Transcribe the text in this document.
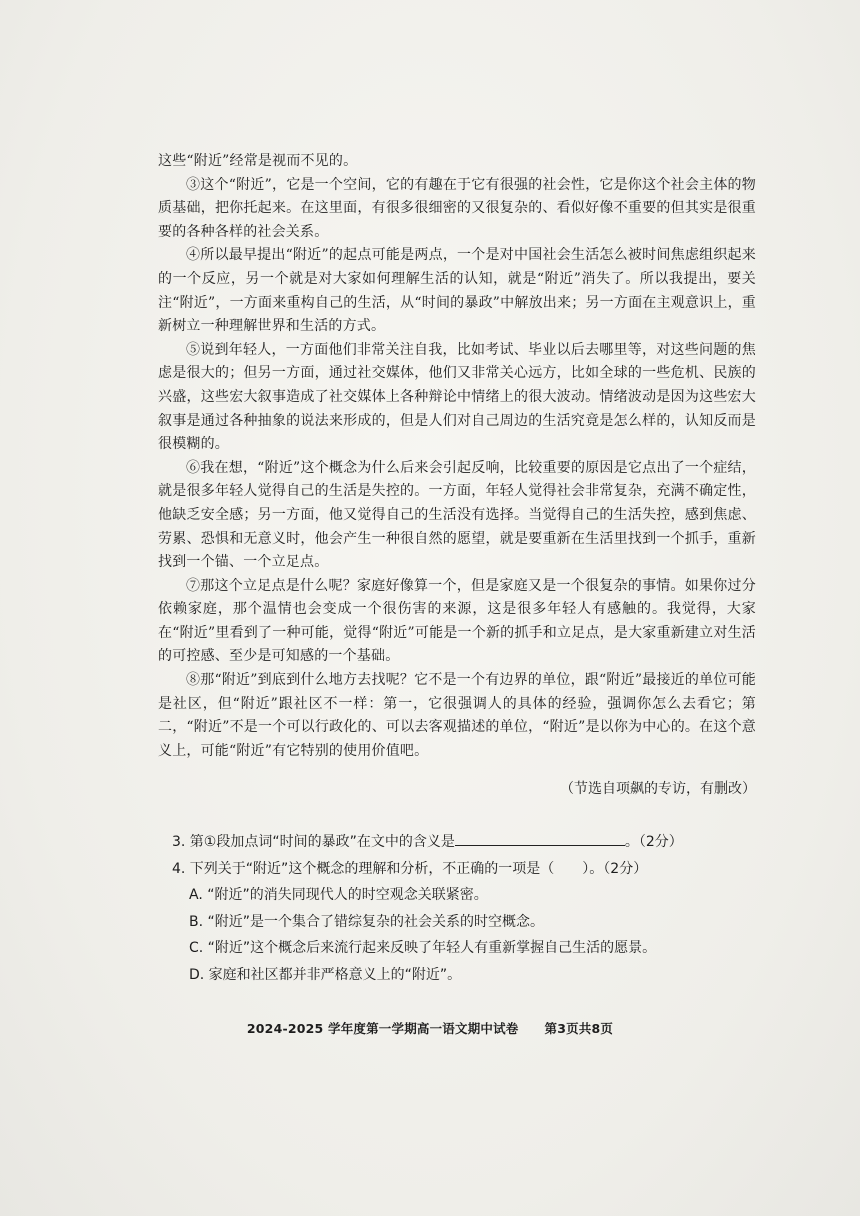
这些“附近”经常是视而不见的。

③这个“附近”，它是一个空间，它的有趣在于它有很强的社会性，它是你这个社会主体的物质基础，把你托起来。在这里面，有很多很细密的又很复杂的、看似好像不重要的但其实是很重要的各种各样的社会关系。

④所以最早提出“附近”的起点可能是两点，一个是对中国社会生活怎么被时间焦虑组织起来的一个反应，另一个就是对大家如何理解生活的认知，就是“附近”消失了。所以我提出，要关注“附近”，一方面来重构自己的生活，从“时间的暴政”中解放出来；另一方面在主观意识上，重新树立一种理解世界和生活的方式。

⑤说到年轻人，一方面他们非常关注自我，比如考试、毕业以后去哪里等，对这些问题的焦虑是很大的；但另一方面，通过社交媒体，他们又非常关心远方，比如全球的一些危机、民族的兴盛，这些宏大叙事造成了社交媒体上各种辩论中情绪上的很大波动。情绪波动是因为这些宏大叙事是通过各种抽象的说法来形成的，但是人们对自己周边的生活究竟是怎么样的，认知反而是很模糊的。

⑥我在想，“附近”这个概念为什么后来会引起反响，比较重要的原因是它点出了一个症结，就是很多年轻人觉得自己的生活是失控的。一方面，年轻人觉得社会非常复杂，充满不确定性，他缺乏安全感；另一方面，他又觉得自己的生活没有选择。当觉得自己的生活失控，感到焦虑、劳累、恐惧和无意义时，他会产生一种很自然的愿望，就是要重新在生活里找到一个抓手，重新找到一个锚、一个立足点。

⑦那这个立足点是什么呢？家庭好像算一个，但是家庭又是一个很复杂的事情。如果你过分依赖家庭，那个温情也会变成一个很伤害的来源，这是很多年轻人有感触的。我觉得，大家在“附近”里看到了一种可能，觉得“附近”可能是一个新的抓手和立足点，是大家重新建立对生活的可控感、至少是可知感的一个基础。

⑧那“附近”到底到什么地方去找呢？它不是一个有边界的单位，跟“附近”最接近的单位可能是社区，但“附近”跟社区不一样：第一，它很强调人的具体的经验，强调你怎么去看它；第二，“附近”不是一个可以行政化的、可以去客观描述的单位，“附近”是以你为中心的。在这个意义上，可能“附近”有它特别的使用价值吧。

（节选自项飙的专访，有删改）
3. 第①段加点词“时间的暴政”在文中的含义是	。（2分）
4. 下列关于“附近”这个概念的理解和分析，不正确的一项是（　　）。（2分）
A. “附近”的消失同现代人的时空观念关联紧密。
B. “附近”是一个集合了错综复杂的社会关系的时空概念。
C. “附近”这个概念后来流行起来反映了年轻人有重新掌握自己生活的愿景。
D. 家庭和社区都并非严格意义上的“附近”。
2024-2025 学年度第一学期高一语文期中试卷 第3页共8页
